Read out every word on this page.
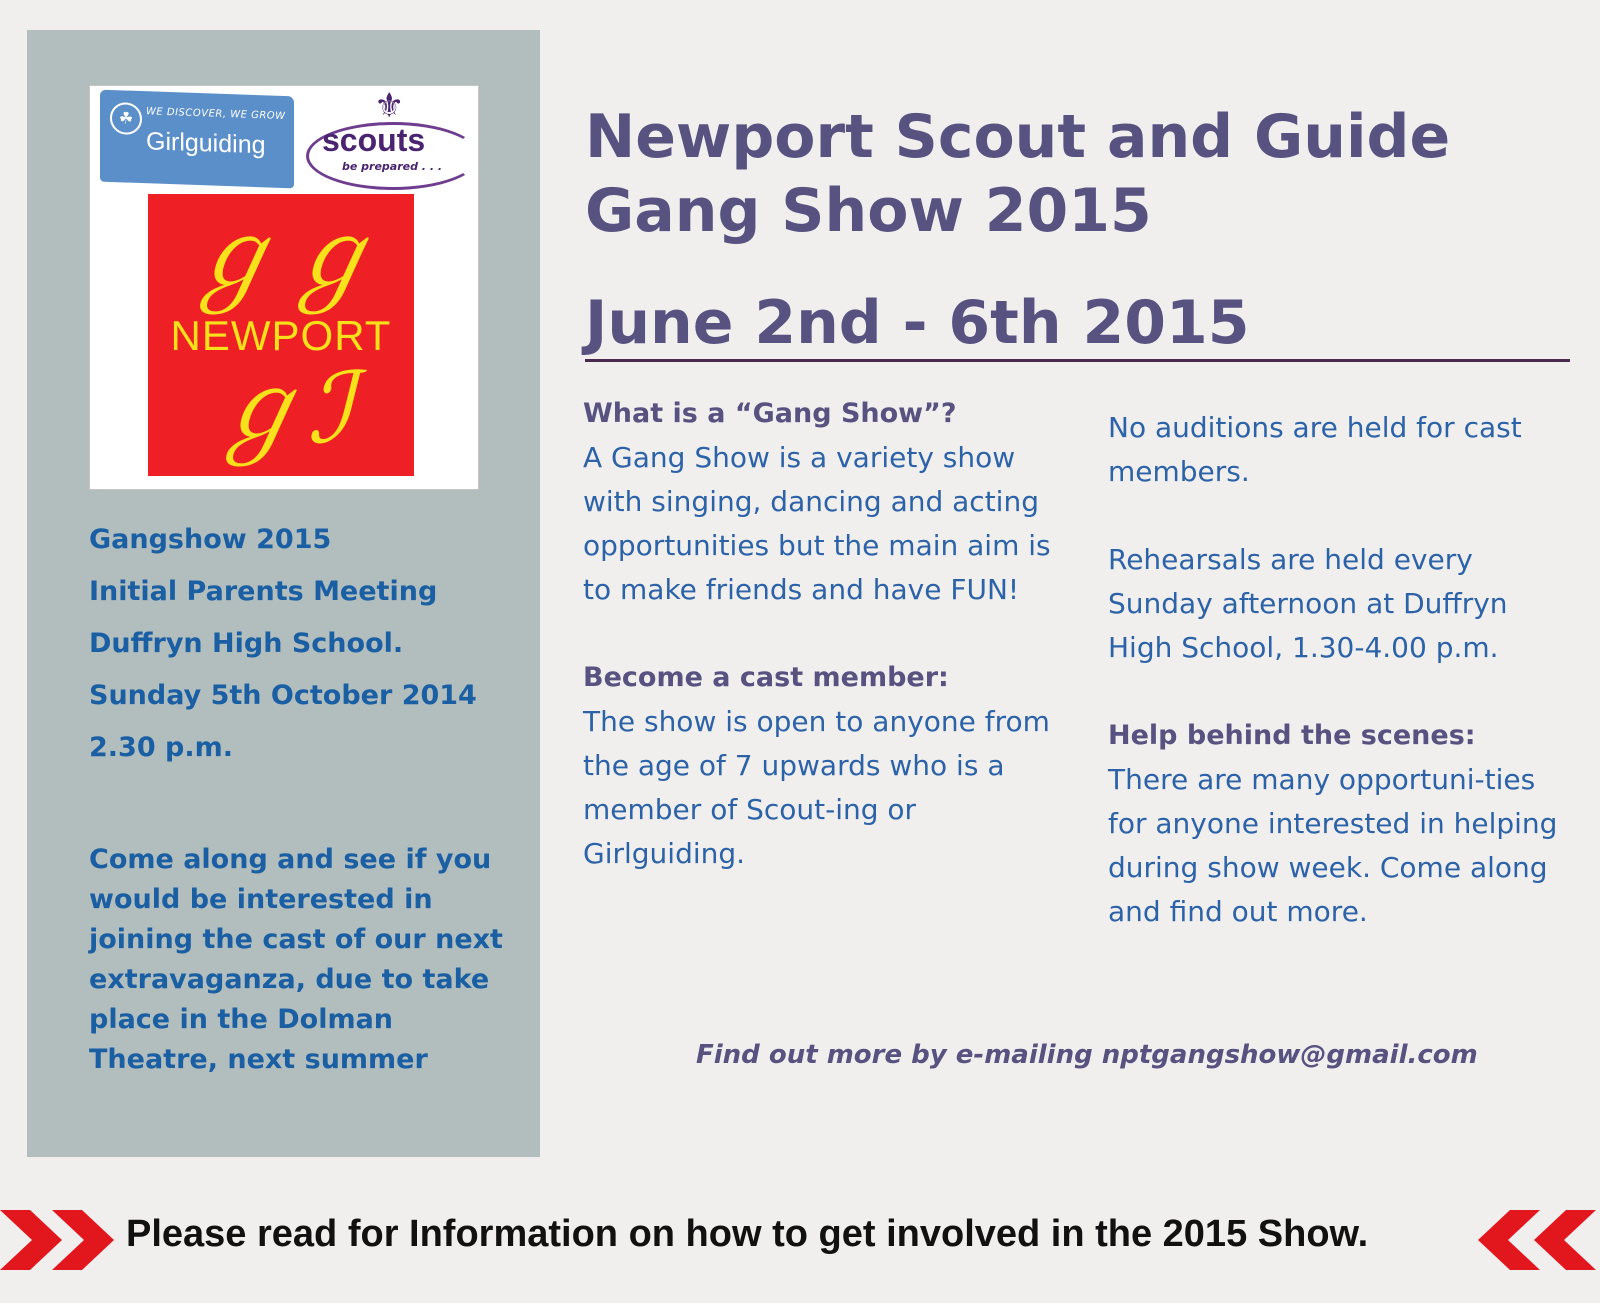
☘	WE DISCOVER, WE GROW
Girlguiding
⚜
scouts
be prepared . . .
ℊℊ
NEWPORT
ℊℐ
Gangshow 2015
Initial Parents Meeting
Duffryn High School.
Sunday 5th October 2014
2.30 p.m.
Come along and see if you would be interested in joining the cast of our next extravaganza, due to take place in the Dolman Theatre, next summer
Newport Scout and Guide
Gang Show 2015
June 2nd - 6th 2015

What is a “Gang Show”?

A Gang Show is a variety show with singing, dancing and acting opportunities but the main aim is to make friends and have FUN!

Become a cast member:

The show is open to anyone from the age of 7 upwards who is a member of Scout-ing or Girlguiding.

No auditions are held for cast members.

Rehearsals are held every Sunday afternoon at Duffryn High School, 1.30-4.00 p.m.

Help behind the scenes:

There are many opportuni-ties for anyone interested in helping during show week. Come along and find out more.

Find out more by e-mailing nptgangshow@gmail.com
Please read for Information on how to get involved in the 2015 Show.
